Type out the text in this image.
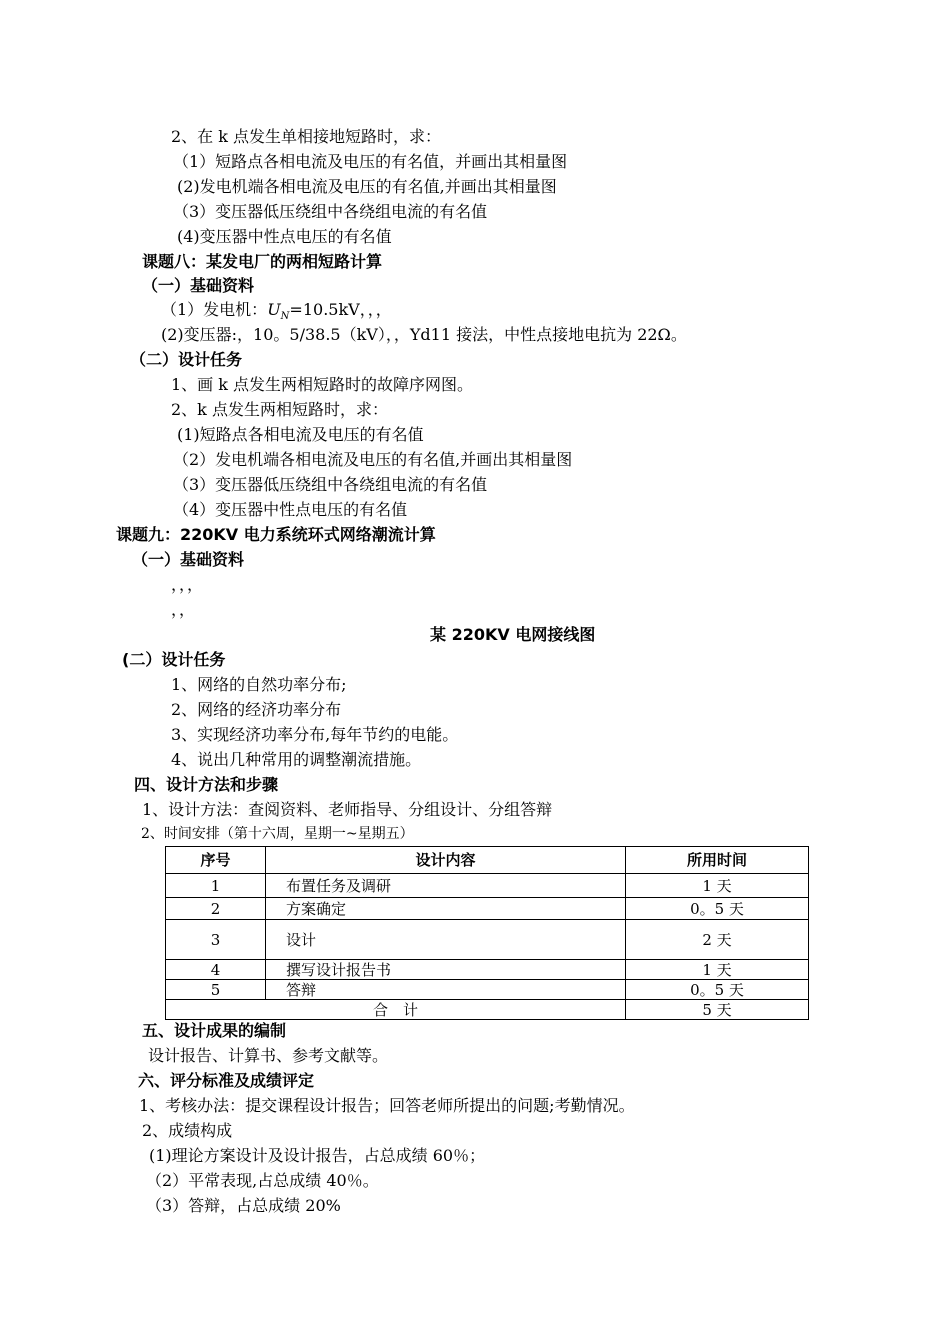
2、在 k 点发生单相接地短路时，求：
（1）短路点各相电流及电压的有名值，并画出其相量图
(2)发电机端各相电流及电压的有名值,并画出其相量图
（3）变压器低压绕组中各绕组电流的有名值
(4)变压器中性点电压的有名值
课题八：某发电厂的两相短路计算
（一）基础资料
（1）发电机：$U_N=10.5kV$，，，
(2)变压器:，10。5/38.5（kV），，Yd11 接法，中性点接地电抗为 22Ω。
（二）设计任务
1、画 k 点发生两相短路时的故障序网图。
2、k 点发生两相短路时，求：
(1)短路点各相电流及电压的有名值
（2）发电机端各相电流及电压的有名值,并画出其相量图
（3）变压器低压绕组中各绕组电流的有名值
（4）变压器中性点电压的有名值
课题九：220KV 电力系统环式网络潮流计算
（一）基础资料
，，，
，，
某 220KV 电网接线图
(二）设计任务
1、网络的自然功率分布;
2、网络的经济功率分布
3、实现经济功率分布,每年节约的电能。
4、说出几种常用的调整潮流措施。
四、设计方法和步骤
1、设计方法：查阅资料、老师指导、分组设计、分组答辩
2、时间安排（第十六周，星期一~星期五）
序号	设计内容	所用时间
1	布置任务及调研	1 天
2	方案确定	0。5 天
3	设计	2 天
4	撰写设计报告书	1 天
5	答辩	0。5 天
合　计		5 天
五、设计成果的编制
设计报告、计算书、参考文献等。
六、评分标准及成绩评定
1、考核办法：提交课程设计报告；回答老师所提出的问题;考勤情况。
2、成绩构成
(1)理论方案设计及设计报告，占总成绩 60％；
（2）平常表现,占总成绩 40％。
（3）答辩，占总成绩 20%
